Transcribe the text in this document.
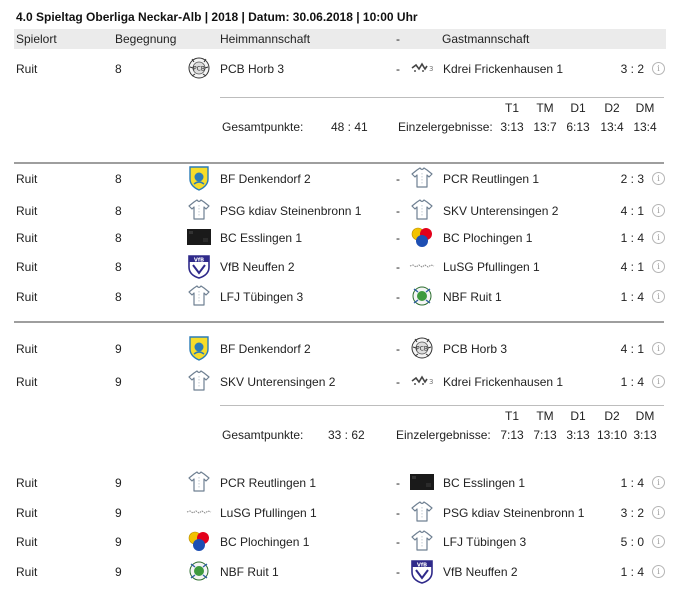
4.0 Spieltag Oberliga Neckar-Alb | 2018 | Datum: 30.06.2018 | 10:00 Uhr
Spielort	Begegnung	Heimmannschaft	-	Gastmannschaft
Ruit	8	PCB PCB Horb 3	-	3 Kdrei Frickenhausen 1	3 : 2	i
Ruit	8	BF Denkendorf 2	-	PCR Reutlingen 1	2 : 3	i
Ruit	8	PSG kdiav Steinenbronn 1	-	SKV Unterensingen 2	4 : 1	i
Ruit	8	BC Esslingen 1	-	BC Plochingen 1	1 : 4	i
Ruit	8	VfB VfB Neuffen 2	-	LuSG Pfullingen 1	4 : 1	i
Ruit	8	LFJ Tübingen 3	-	NBF Ruit 1	1 : 4	i
Ruit	9	BF Denkendorf 2	-	PCB PCB Horb 3	4 : 1	i
Ruit	9	SKV Unterensingen 2	-	3 Kdrei Frickenhausen 1	1 : 4	i
Ruit	9	PCR Reutlingen 1	-	BC Esslingen 1	1 : 4	i
Ruit	9	LuSG Pfullingen 1	-	PSG kdiav Steinenbronn 1	3 : 2	i
Ruit	9	BC Plochingen 1	-	LFJ Tübingen 3	5 : 0	i
Ruit	9	NBF Ruit 1	-	VfB VfB Neuffen 2	1 : 4	i
T1	TM	D1	D2	DM
Gesamtpunkte: 48 : 41	Einzelergebnisse: 3:13 13:7 6:13 13:4 13:4
T1	TM	D1	D2	DM
Gesamtpunkte: 33 : 62	Einzelergebnisse: 7:13 7:13 3:13 13:10 3:13
